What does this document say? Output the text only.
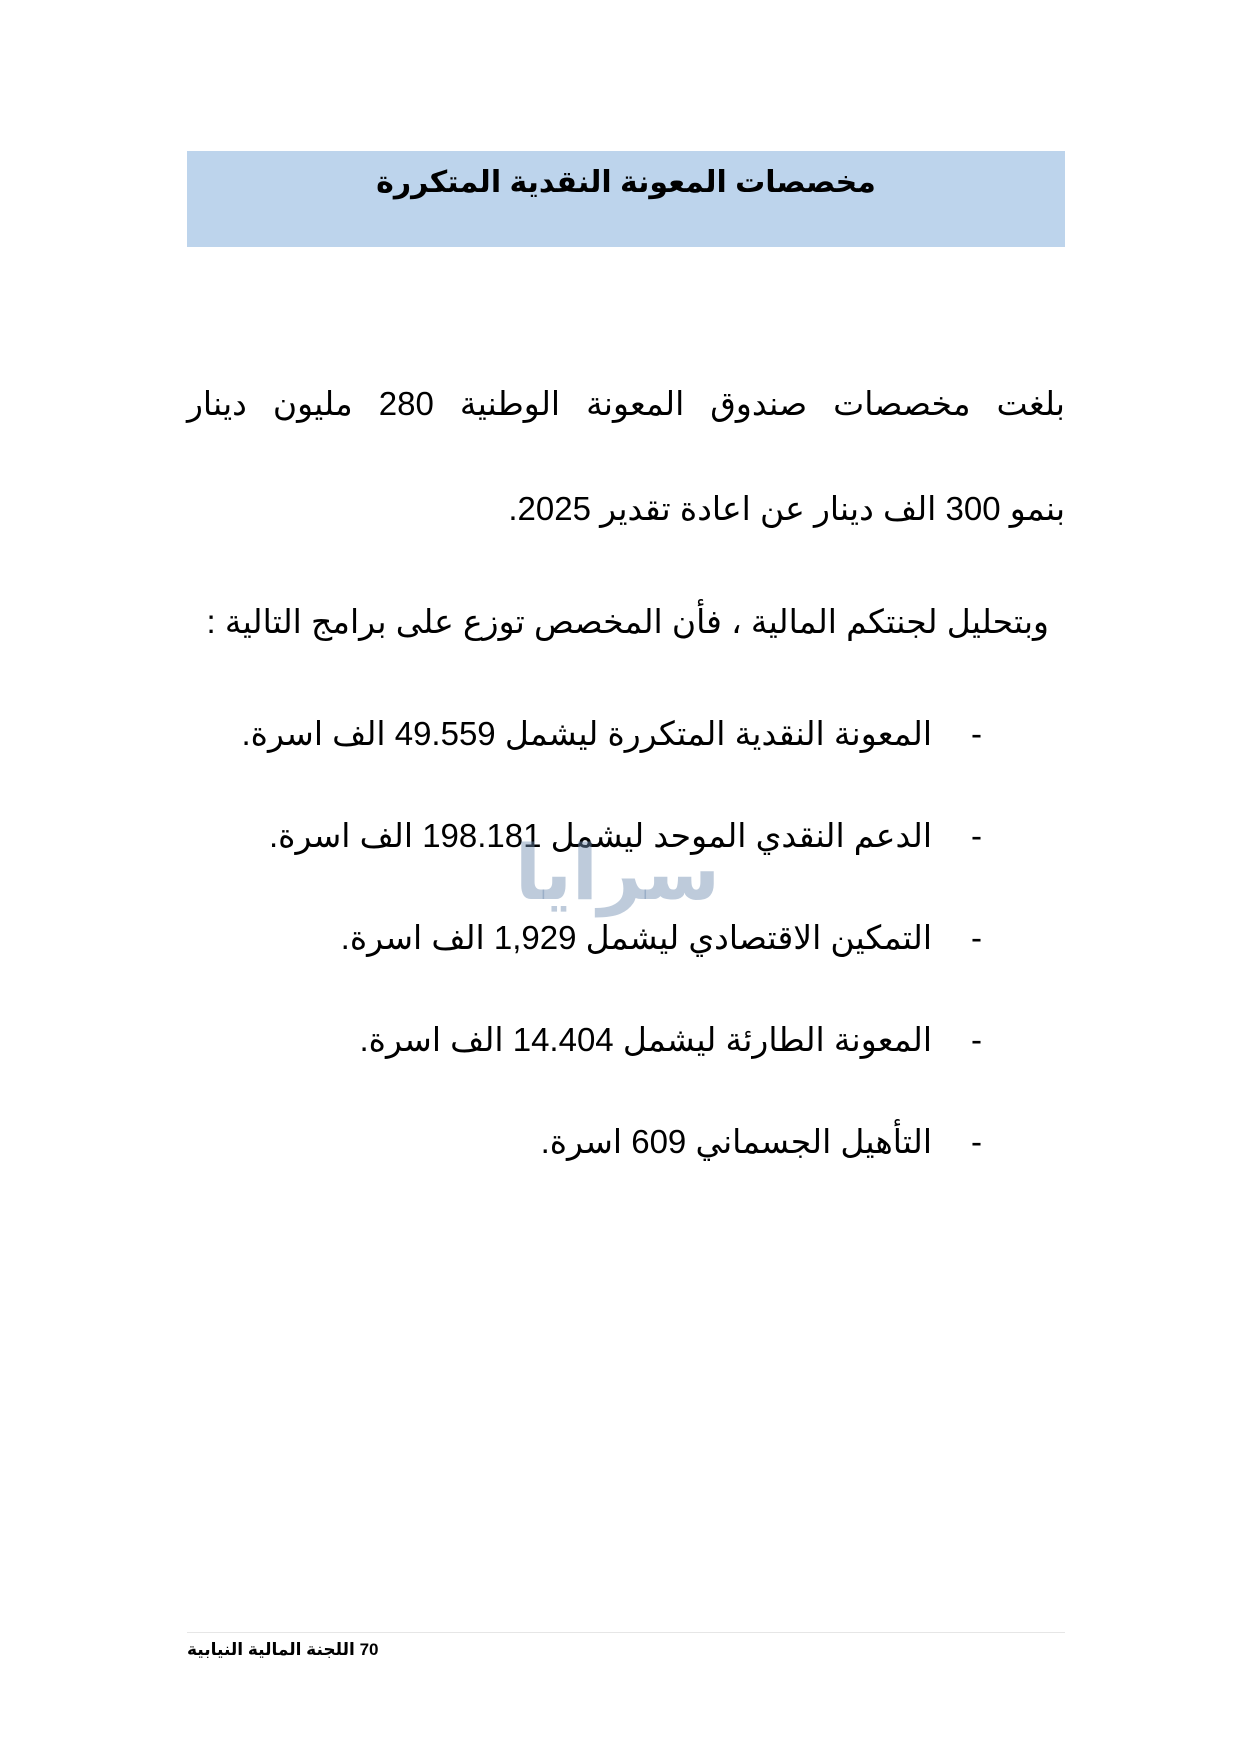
مخصصات المعونة النقدية المتكررة
بلغت مخصصات صندوق المعونة الوطنية 280 مليون دينار
بنمو 300 الف دينار عن اعادة تقدير 2025.
وبتحليل لجنتكم المالية ، فأن المخصص توزع على برامج التالية :
-المعونة النقدية المتكررة ليشمل 49.559 الف اسرة.
-الدعم النقدي الموحد ليشمل 198.181 الف اسرة.
-التمكين الاقتصادي ليشمل 1,929 الف اسرة.
-المعونة الطارئة ليشمل 14.404 الف اسرة.
-التأهيل الجسماني 609 اسرة.
سرايا
70 اللجنة المالية النيابية
